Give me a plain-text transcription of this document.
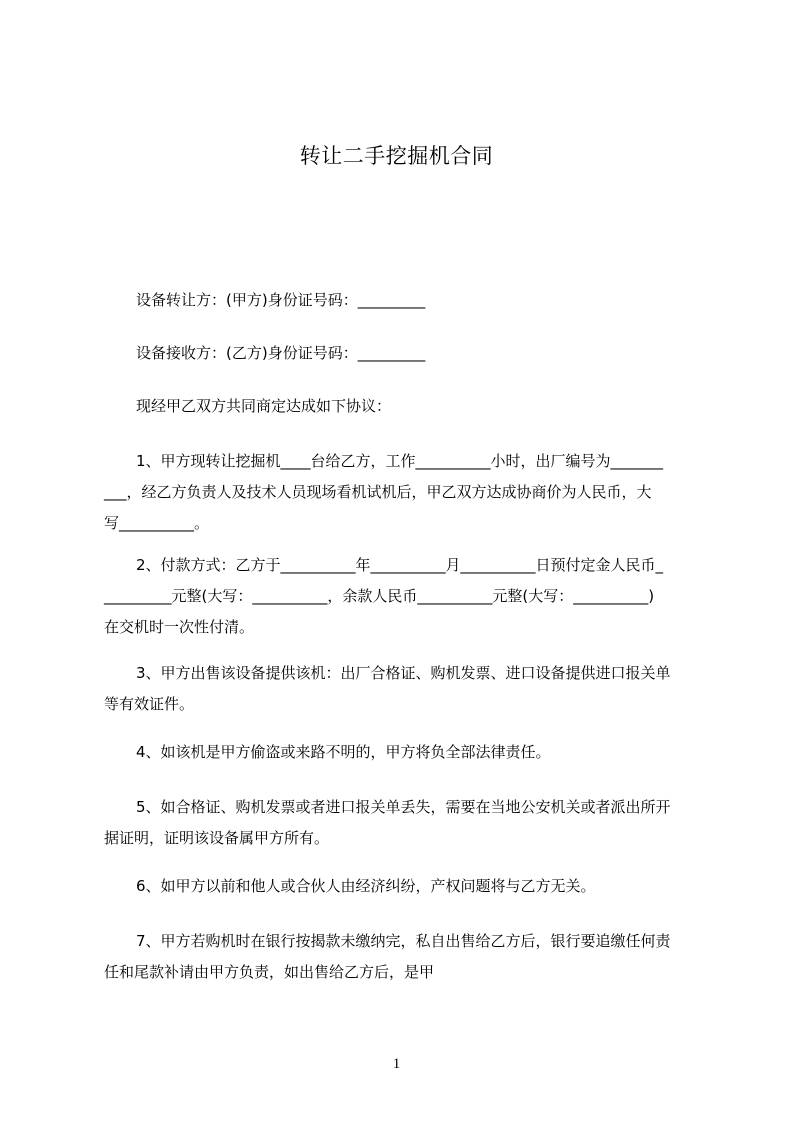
转让二手挖掘机合同
设备转让方：(甲方)身份证号码：_________
设备接收方：(乙方)身份证号码：_________
现经甲乙双方共同商定达成如下协议：
1、甲方现转让挖掘机____台给乙方，工作__________小时，出厂编号为_______
___，经乙方负责人及技术人员现场看机试机后，甲乙双方达成协商价为人民币，大
写__________。
2、付款方式：乙方于__________年__________月__________日预付定金人民币_
_________元整(大写：__________，余款人民币__________元整(大写：__________)
在交机时一次性付清。
3、甲方出售该设备提供该机：出厂合格证、购机发票、进口设备提供进口报关单
等有效证件。
4、如该机是甲方偷盗或来路不明的，甲方将负全部法律责任。
5、如合格证、购机发票或者进口报关单丢失，需要在当地公安机关或者派出所开
据证明，证明该设备属甲方所有。
6、如甲方以前和他人或合伙人由经济纠纷，产权问题将与乙方无关。
7、甲方若购机时在银行按揭款未缴纳完，私自出售给乙方后，银行要追缴任何责
任和尾款补请由甲方负责，如出售给乙方后，是甲
1
